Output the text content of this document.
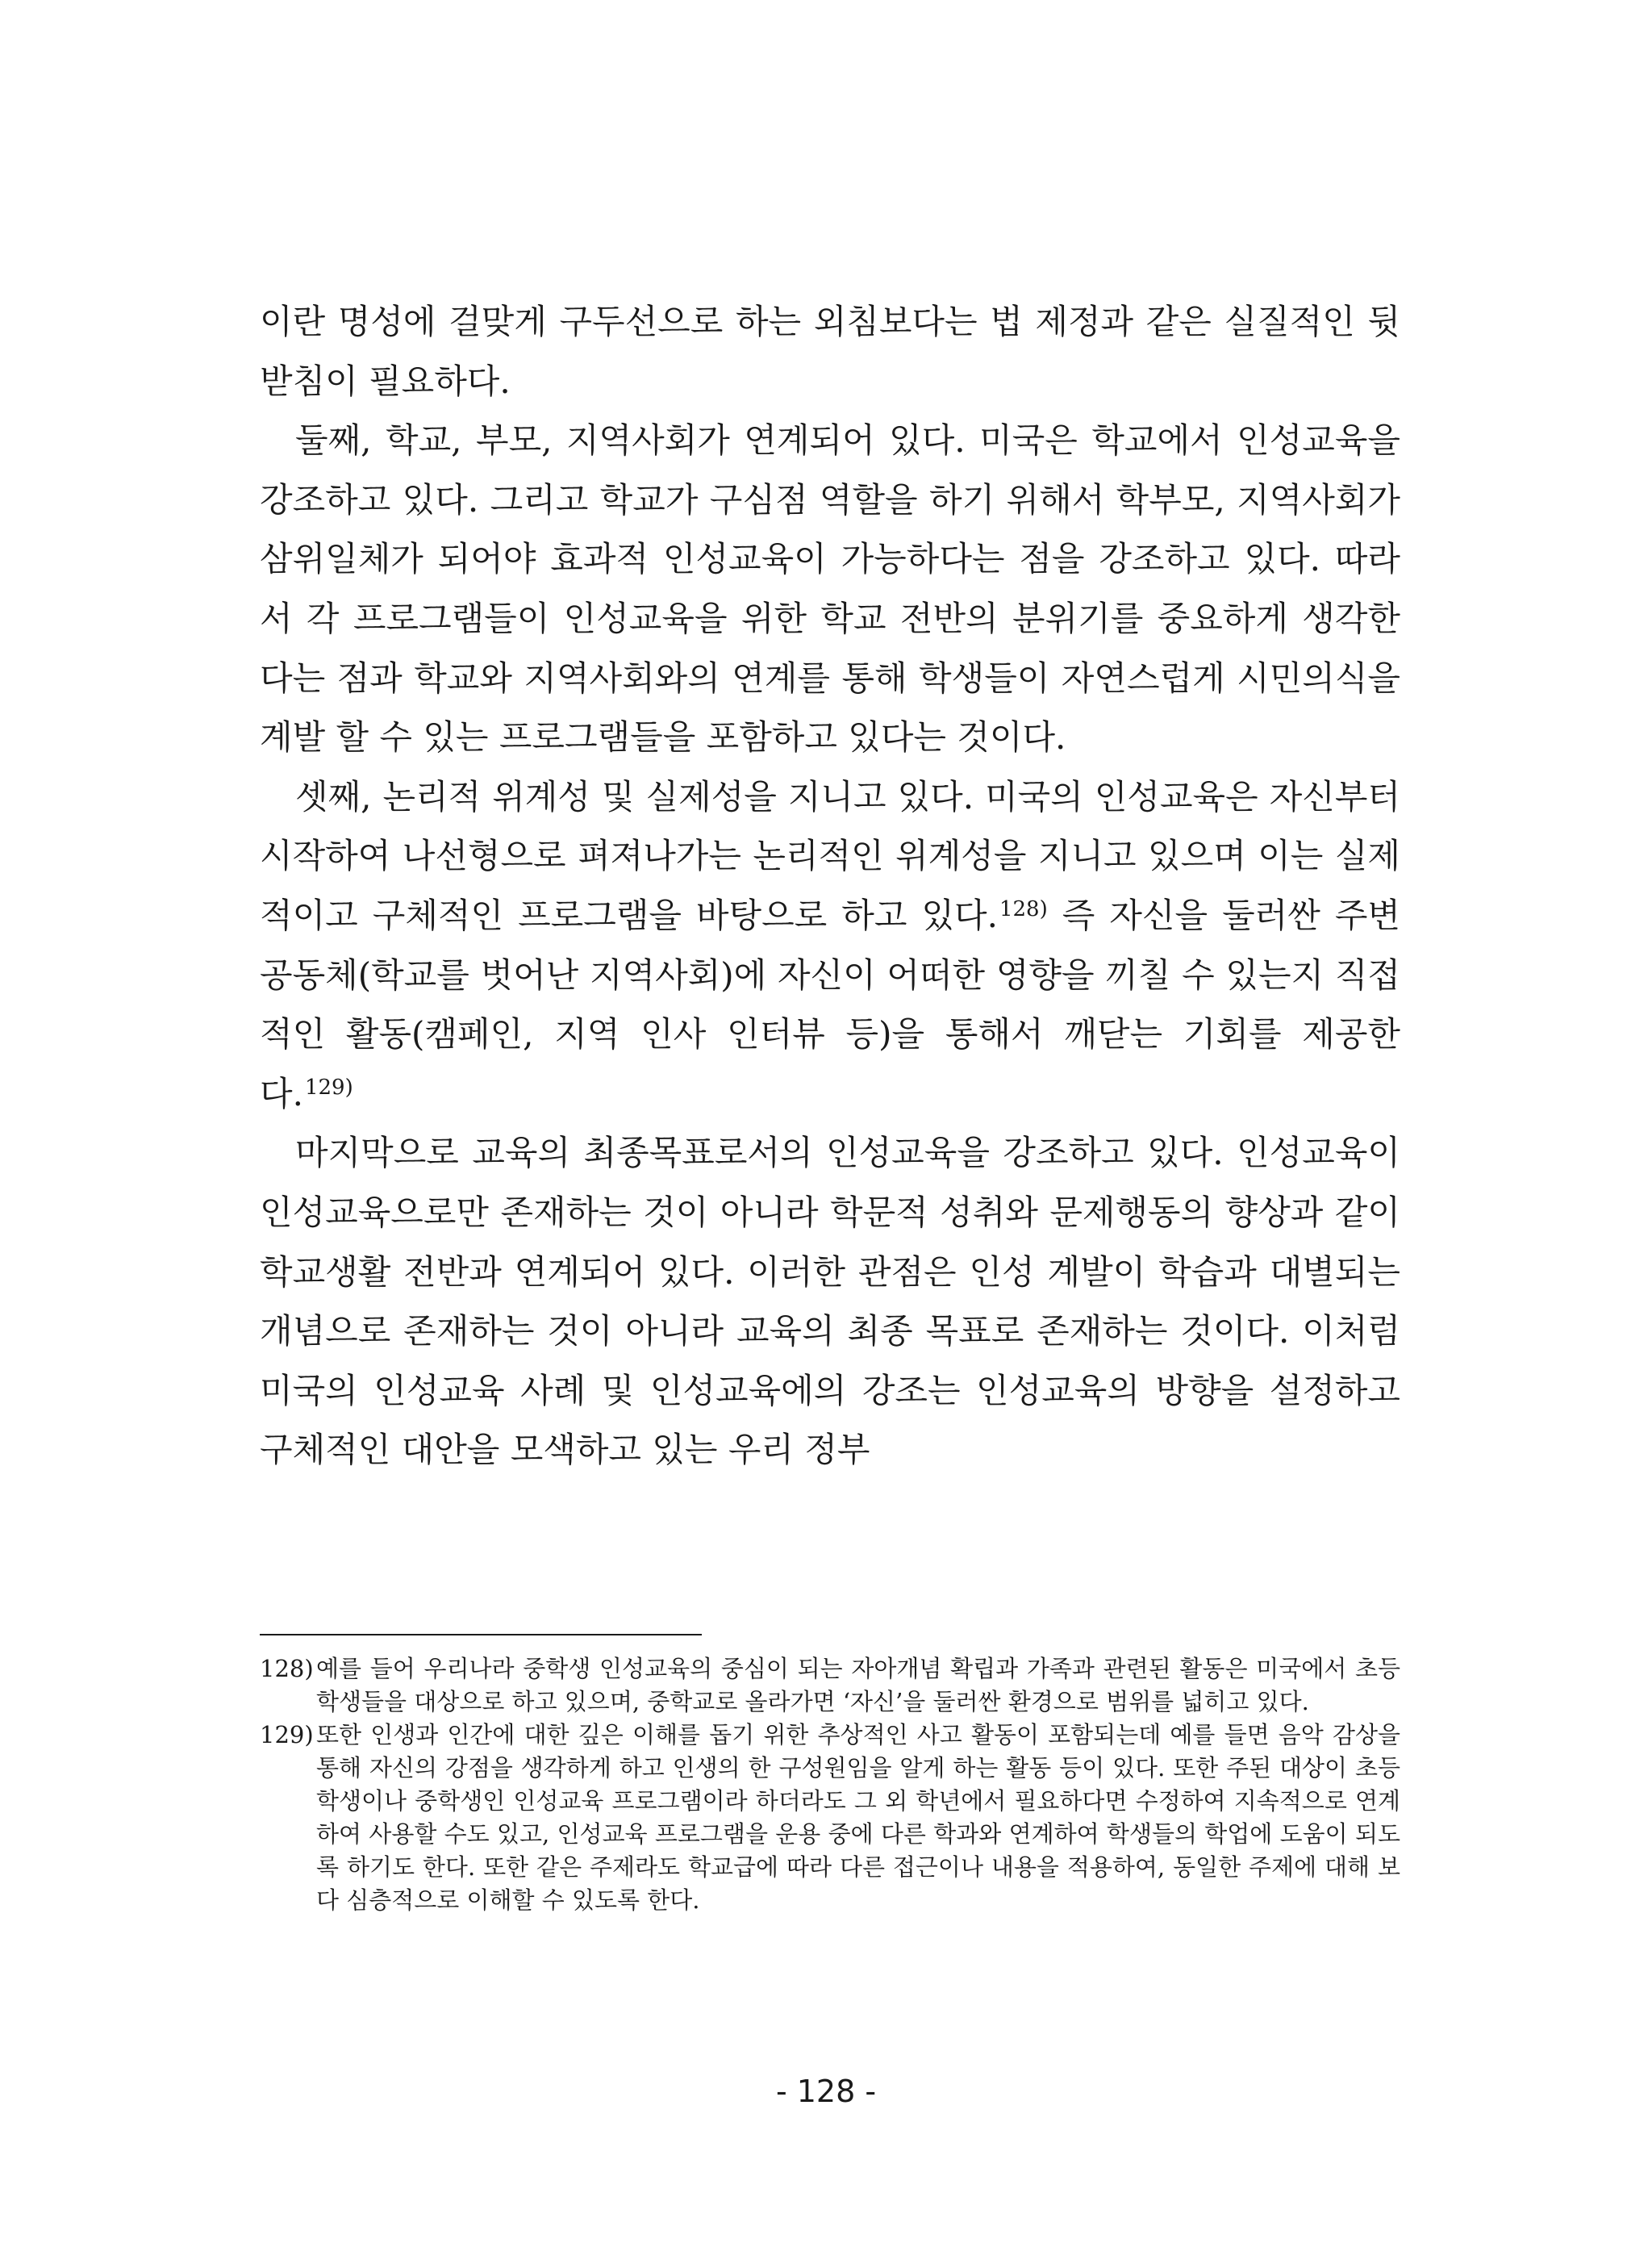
이란 명성에 걸맞게 구두선으로 하는 외침보다는 법 제정과 같은 실질적인 뒷받침이 필요하다.

둘째, 학교, 부모, 지역사회가 연계되어 있다. 미국은 학교에서 인성교육을 강조하고 있다. 그리고 학교가 구심점 역할을 하기 위해서 학부모, 지역사회가 삼위일체가 되어야 효과적 인성교육이 가능하다는 점을 강조하고 있다. 따라서 각 프로그램들이 인성교육을 위한 학교 전반의 분위기를 중요하게 생각한다는 점과 학교와 지역사회와의 연계를 통해 학생들이 자연스럽게 시민의식을 계발 할 수 있는 프로그램들을 포함하고 있다는 것이다.

셋째, 논리적 위계성 및 실제성을 지니고 있다. 미국의 인성교육은 자신부터 시작하여 나선형으로 펴져나가는 논리적인 위계성을 지니고 있으며 이는 실제적이고 구체적인 프로그램을 바탕으로 하고 있다.$^{128)}$ 즉 자신을 둘러싼 주변 공동체(학교를 벗어난 지역사회)에 자신이 어떠한 영향을 끼칠 수 있는지 직접적인 활동(캠페인, 지역 인사 인터뷰 등)을 통해서 깨닫는 기회를 제공한다.$^{129)}$

마지막으로 교육의 최종목표로서의 인성교육을 강조하고 있다. 인성교육이 인성교육으로만 존재하는 것이 아니라 학문적 성취와 문제행동의 향상과 같이 학교생활 전반과 연계되어 있다. 이러한 관점은 인성 계발이 학습과 대별되는 개념으로 존재하는 것이 아니라 교육의 최종 목표로 존재하는 것이다. 이처럼 미국의 인성교육 사례 및 인성교육에의 강조는 인성교육의 방향을 설정하고 구체적인 대안을 모색하고 있는 우리 정부

128) 예를 들어 우리나라 중학생 인성교육의 중심이 되는 자아개념 확립과 가족과 관련된 활동은 미국에서 초등학생들을 대상으로 하고 있으며, 중학교로 올라가면 ‘자신’을 둘러싼 환경으로 범위를 넓히고 있다.

129) 또한 인생과 인간에 대한 깊은 이해를 돕기 위한 추상적인 사고 활동이 포함되는데 예를 들면 음악 감상을 통해 자신의 강점을 생각하게 하고 인생의 한 구성원임을 알게 하는 활동 등이 있다. 또한 주된 대상이 초등학생이나 중학생인 인성교육 프로그램이라 하더라도 그 외 학년에서 필요하다면 수정하여 지속적으로 연계하여 사용할 수도 있고, 인성교육 프로그램을 운용 중에 다른 학과와 연계하여 학생들의 학업에 도움이 되도록 하기도 한다. 또한 같은 주제라도 학교급에 따라 다른 접근이나 내용을 적용하여, 동일한 주제에 대해 보다 심층적으로 이해할 수 있도록 한다.

- 128 -
